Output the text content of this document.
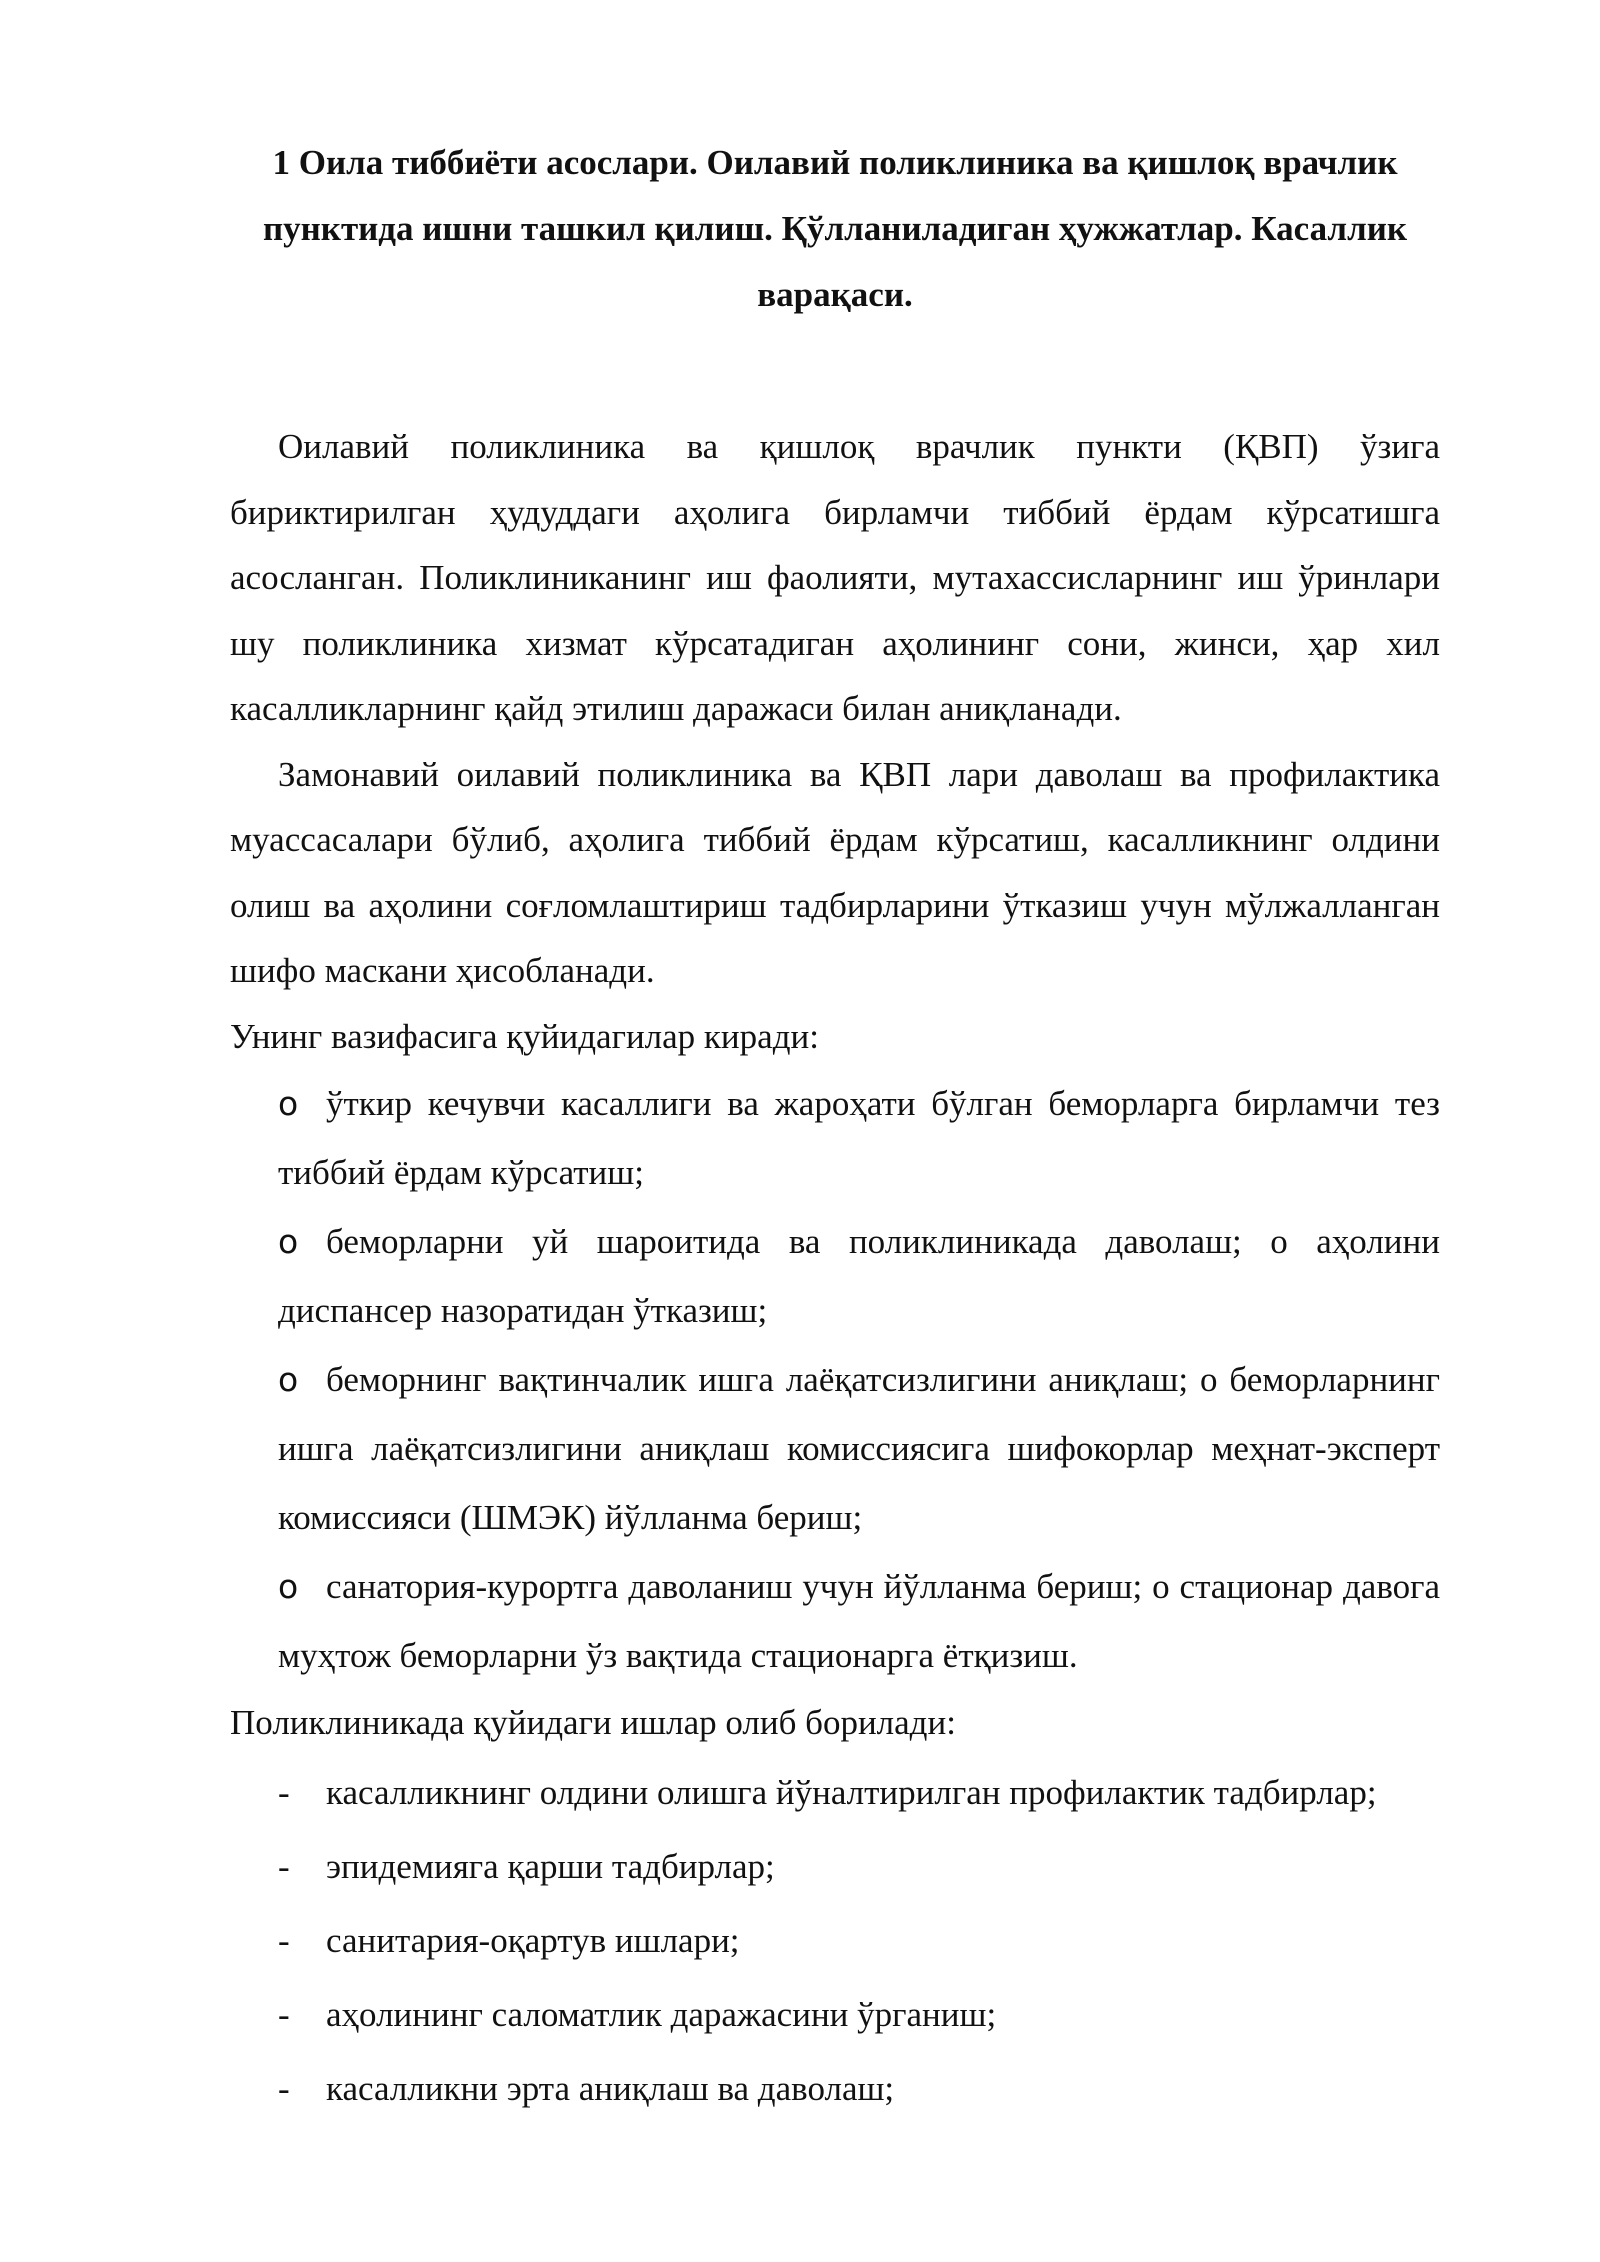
1 Оила тиббиёти асослари. Оилавий поликлиника ва қишлоқ врачлик пунктида ишни ташкил қилиш. Қўлланиладиган ҳужжатлар. Касаллик варақаси.

Оилавий поликлиника ва қишлоқ врачлик пункти (ҚВП) ўзига бириктирилган ҳудуддаги аҳолига бирламчи тиббий ёрдам кўрсатишга асосланган. Поликлиниканинг иш фаолияти, мутахассисларнинг иш ўринлари шу поликлиника хизмат кўрсатадиган аҳолининг сони, жинси, ҳар хил касалликларнинг қайд этилиш даражаси билан аниқланади.

Замонавий оилавий поликлиника ва ҚВП лари даволаш ва профилактика муассасалари бўлиб, аҳолига тиббий ёрдам кўрсатиш, касалликнинг олдини олиш ва аҳолини соғломлаштириш тадбирларини ўтказиш учун мўлжалланган шифо маскани ҳисобланади.

Унинг вазифасига қуйидагилар киради:

o ўткир кечувчи касаллиги ва жароҳати бўлган беморларга бирламчи тез тиббий ёрдам кўрсатиш;
o беморларни уй шароитида ва поликлиникада даволаш; о аҳолини диспансер назоратидан ўтказиш;
o беморнинг вақтинчалик ишга лаёқатсизлигини аниқлаш; о беморларнинг ишга лаёқатсизлигини аниқлаш комиссиясига шифокорлар меҳнат-эксперт комиссияси (ШМЭК) йўлланма бериш;
o санатория-курортга даволаниш учун йўлланма бериш; о стационар давога муҳтож беморларни ўз вақтида стационарга ётқизиш.

Поликлиникада қуйидаги ишлар олиб борилади:

- касалликнинг олдини олишга йўналтирилган профилактик тадбирлар;
- эпидемияга қарши тадбирлар;
- санитария-оқартув ишлари;
- аҳолининг саломатлик даражасини ўрганиш;
- касалликни эрта аниқлаш ва даволаш;
